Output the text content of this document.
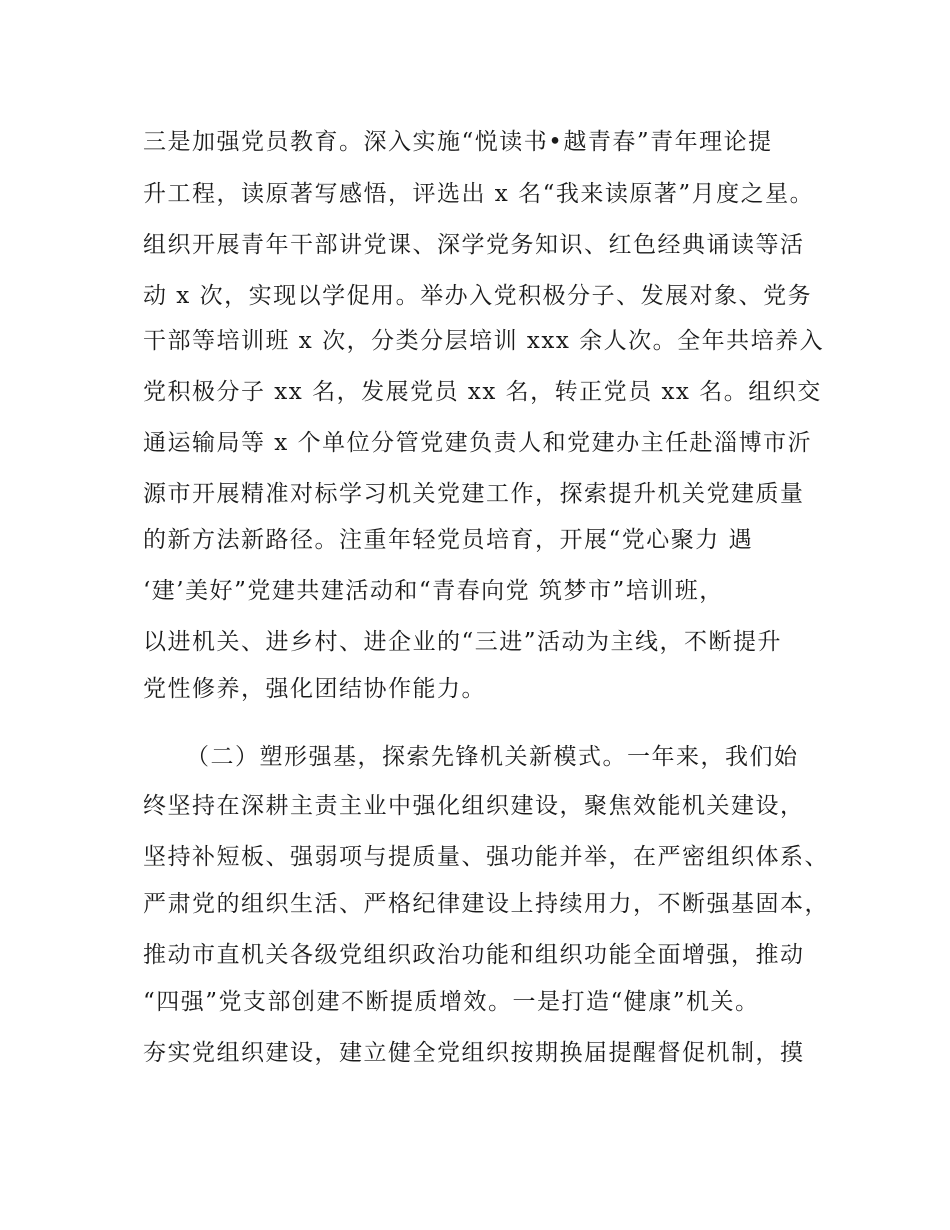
三是加强党员教育。深入实施“悦读书•越青春”青年理论提
升工程，读原著写感悟，评选出 x 名“我来读原著”月度之星。
组织开展青年干部讲党课、深学党务知识、红色经典诵读等活
动 x 次，实现以学促用。举办入党积极分子、发展对象、党务
干部等培训班 x 次，分类分层培训 xxx 余人次。全年共培养入
党积极分子 xx 名，发展党员 xx 名，转正党员 xx 名。组织交
通运输局等 x 个单位分管党建负责人和党建办主任赴淄博市沂
源市开展精准对标学习机关党建工作，探索提升机关党建质量
的新方法新路径。注重年轻党员培育，开展“党心聚力 遇
‘建’美好”党建共建活动和“青春向党 筑梦市”培训班，
以进机关、进乡村、进企业的“三进”活动为主线，不断提升
党性修养，强化团结协作能力。
（二）塑形强基，探索先锋机关新模式。一年来，我们始
终坚持在深耕主责主业中强化组织建设，聚焦效能机关建设，
坚持补短板、强弱项与提质量、强功能并举，在严密组织体系、
严肃党的组织生活、严格纪律建设上持续用力，不断强基固本，
推动市直机关各级党组织政治功能和组织功能全面增强，推动
“四强”党支部创建不断提质增效。一是打造“健康”机关。
夯实党组织建设，建立健全党组织按期换届提醒督促机制，摸
